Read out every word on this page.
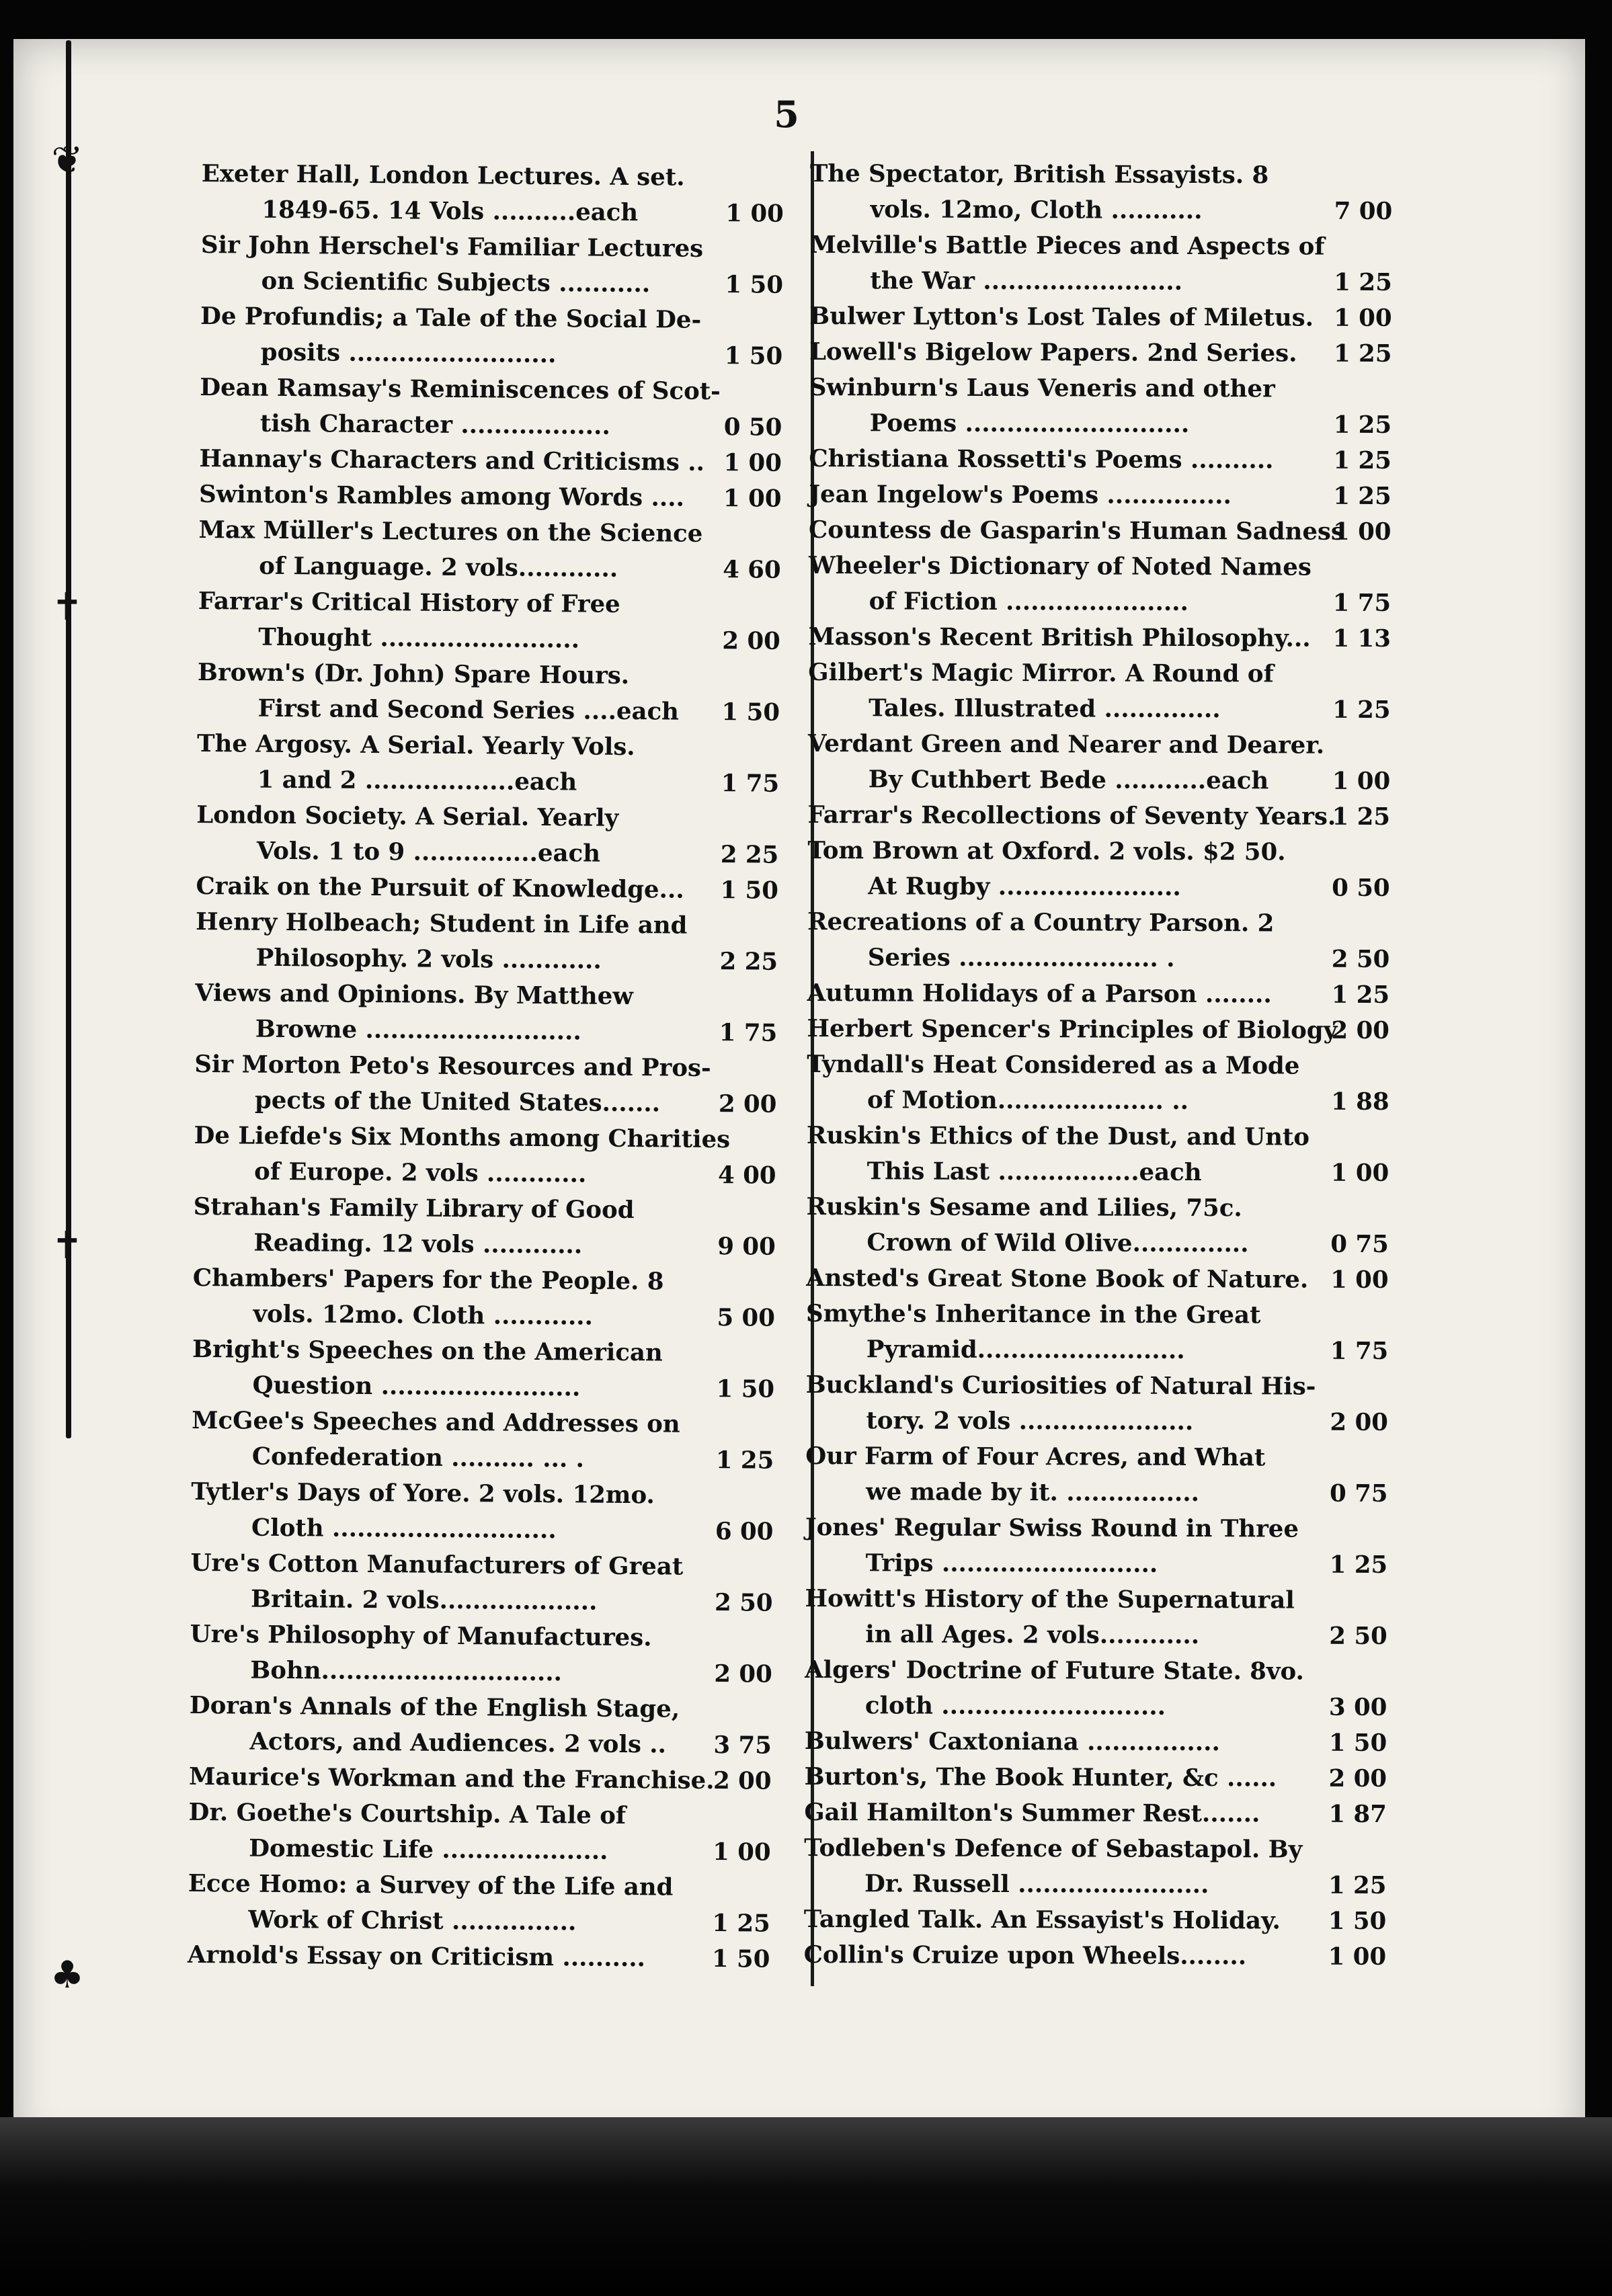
❦
✝
✝
♣
5
Exeter Hall, London Lectures. A set.
1849-65. 14 Vols ..........each	1 00
Sir John Herschel's Familiar Lectures
on Scientific Subjects ...........	1 50
De Profundis; a Tale of the Social De-
posits .........................	1 50
Dean Ramsay's Reminiscences of Scot-
tish Character ..................	0 50
Hannay's Characters and Criticisms .. 1 00
Swinton's Rambles among Words ....	1 00
Max Müller's Lectures on the Science
of Language. 2 vols............	4 60
Farrar's Critical History of Free
Thought ........................	2 00
Brown's (Dr. John) Spare Hours.
First and Second Series ....each	1 50
The Argosy. A Serial. Yearly Vols.
1 and 2 ..................each	1 75
London Society. A Serial. Yearly
Vols. 1 to 9 ...............each	2 25
Craik on the Pursuit of Knowledge...	1 50
Henry Holbeach; Student in Life and
Philosophy. 2 vols ............	2 25
Views and Opinions. By Matthew
Browne ..........................	1 75
Sir Morton Peto's Resources and Pros-
pects of the United States.......	2 00
De Liefde's Six Months among Charities
of Europe. 2 vols ............	4 00
Strahan's Family Library of Good
Reading. 12 vols ............	9 00
Chambers' Papers for the People. 8
vols. 12mo. Cloth ............	5 00
Bright's Speeches on the American
Question ........................	1 50
McGee's Speeches and Addresses on
Confederation .......... ... .	1 25
Tytler's Days of Yore. 2 vols. 12mo.
Cloth ...........................	6 00
Ure's Cotton Manufacturers of Great
Britain. 2 vols...................	2 50
Ure's Philosophy of Manufactures.
Bohn.............................	2 00
Doran's Annals of the English Stage,
Actors, and Audiences. 2 vols ..	3 75
Maurice's Workman and the Franchise.
2 00
Dr. Goethe's Courtship. A Tale of
Domestic Life ....................	1 00
Ecce Homo: a Survey of the Life and
Work of Christ ...............	1 25
Arnold's Essay on Criticism ..........	1 50
The Spectator, British Essayists. 8
vols. 12mo, Cloth ...........	7 00
Melville's Battle Pieces and Aspects of
the War ........................	1 25
Bulwer Lytton's Lost Tales of Miletus. 1 00
Lowell's Bigelow Papers. 2nd Series.	1 25
Swinburn's Laus Veneris and other
Poems ...........................	1 25
Christiana Rossetti's Poems ..........	1 25
Jean Ingelow's Poems ...............	1 25
Countess de Gasparin's Human Sadness
1 00
Wheeler's Dictionary of Noted Names
of Fiction ......................	1 75
Masson's Recent British Philosophy... 1 13
Gilbert's Magic Mirror. A Round of
Tales. Illustrated ..............	1 25
Verdant Green and Nearer and Dearer.
By Cuthbert Bede ...........each	1 00
Farrar's Recollections of Seventy Years.
1 25
Tom Brown at Oxford. 2 vols. $2 50.
At Rugby ......................	0 50
Recreations of a Country Parson. 2
Series ........................ .	2 50
Autumn Holidays of a Parson ........	1 25
Herbert Spencer's Principles of Biology
2 00
Tyndall's Heat Considered as a Mode
of Motion.................... ..	1 88
Ruskin's Ethics of the Dust, and Unto
This Last .................each	1 00
Ruskin's Sesame and Lilies, 75c.
Crown of Wild Olive..............	0 75
Ansted's Great Stone Book of Nature. 1 00
Smythe's Inheritance in the Great
Pyramid.........................	1 75
Buckland's Curiosities of Natural His-
tory. 2 vols .....................	2 00
Our Farm of Four Acres, and What
we made by it. ................	0 75
Jones' Regular Swiss Round in Three
Trips ..........................	1 25
Howitt's History of the Supernatural
in all Ages. 2 vols............	2 50
Algers' Doctrine of Future State. 8vo.
cloth ...........................	3 00
Bulwers' Caxtoniana ................	1 50
Burton's, The Book Hunter, &c ......	2 00
Gail Hamilton's Summer Rest.......	1 87
Todleben's Defence of Sebastapol. By
Dr. Russell .......................	1 25
Tangled Talk. An Essayist's Holiday.	1 50
Collin's Cruize upon Wheels........	1 00
